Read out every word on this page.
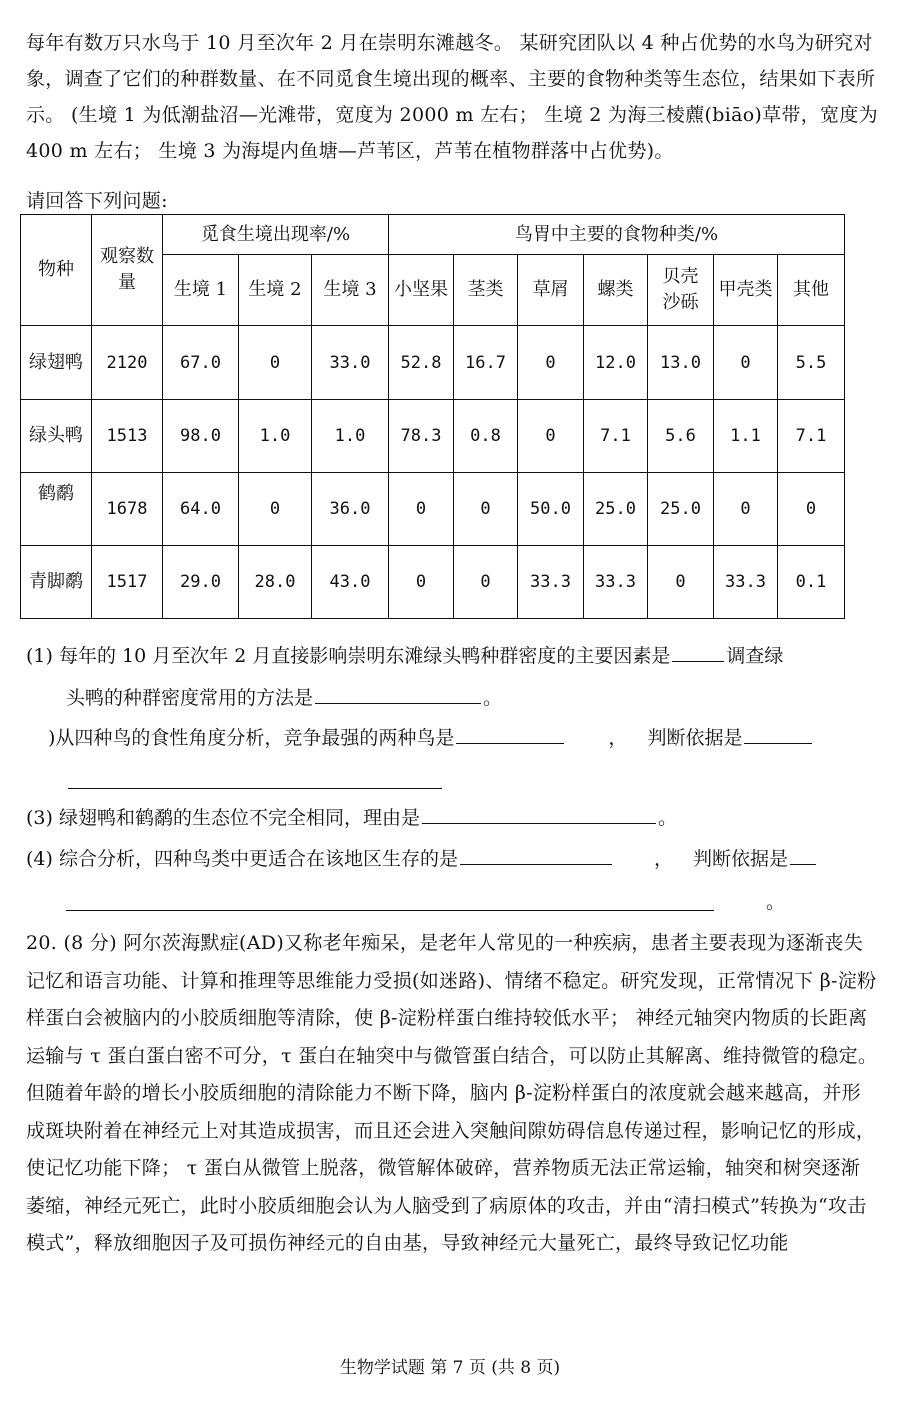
每年有数万只水鸟于 10 月至次年 2 月在崇明东滩越冬。 某研究团队以 4 种占优势的水鸟为研究对象，调查了它们的种群数量、在不同觅食生境出现的概率、主要的食物种类等生态位，结果如下表所示。 (生境 1 为低潮盐沼—光滩带，宽度为 2000 m 左右； 生境 2 为海三棱藨(biāo)草带，宽度为 400 m 左右； 生境 3 为海堤内鱼塘—芦苇区，芦苇在植物群落中占优势)。

请回答下列问题:

物种	观察数量	觅食生境出现率/%			鸟胃中主要的食物种类/%						
		生境 1	生境 2	生境 3	小坚果	茎类	草屑	螺类	贝壳沙砾	甲壳类	其他
绿翅鸭	2120	67.0	0	33.0	52.8	16.7	0	12.0	13.0	0	5.5
绿头鸭	1513	98.0	1.0	1.0	78.3	0.8	0	7.1	5.6	1.1	7.1
鹤鹬	1678	64.0	0	36.0	0	0	50.0	25.0	25.0	0	0
青脚鹬	1517	29.0	28.0	43.0	0	0	33.3	33.3	0	33.3	0.1
(1) 每年的 10 月至次年 2 月直接影响崇明东滩绿头鸭种群密度的主要因素是	调查绿
头鸭的种群密度常用的方法是	。
)从四种鸟的食性角度分析，竞争最强的两种鸟是	， 判断依据是
(3) 绿翅鸭和鹤鹬的生态位不完全相同，理由是	。
(4) 综合分析，四种鸟类中更适合在该地区生存的是	， 判断依据是
。

20. (8 分) 阿尔茨海默症(AD)又称老年痴呆，是老年人常见的一种疾病，患者主要表现为逐渐丧失记忆和语言功能、计算和推理等思维能力受损(如迷路)、情绪不稳定。研究发现，正常情况下 β-淀粉样蛋白会被脑内的小胶质细胞等清除，使 β-淀粉样蛋白维持较低水平； 神经元轴突内物质的长距离运输与 τ 蛋白蛋白密不可分，τ 蛋白在轴突中与微管蛋白结合，可以防止其解离、维持微管的稳定。但随着年龄的增长小胶质细胞的清除能力不断下降，脑内 β-淀粉样蛋白的浓度就会越来越高，并形成斑块附着在神经元上对其造成损害，而且还会进入突触间隙妨碍信息传递过程，影响记忆的形成，使记忆功能下降； τ 蛋白从微管上脱落，微管解体破碎，营养物质无法正常运输，轴突和树突逐渐萎缩，神经元死亡，此时小胶质细胞会认为人脑受到了病原体的攻击，并由“清扫模式”转换为“攻击模式”，释放细胞因子及可损伤神经元的自由基，导致神经元大量死亡，最终导致记忆功能

生物学试题 第 7 页 (共 8 页)
